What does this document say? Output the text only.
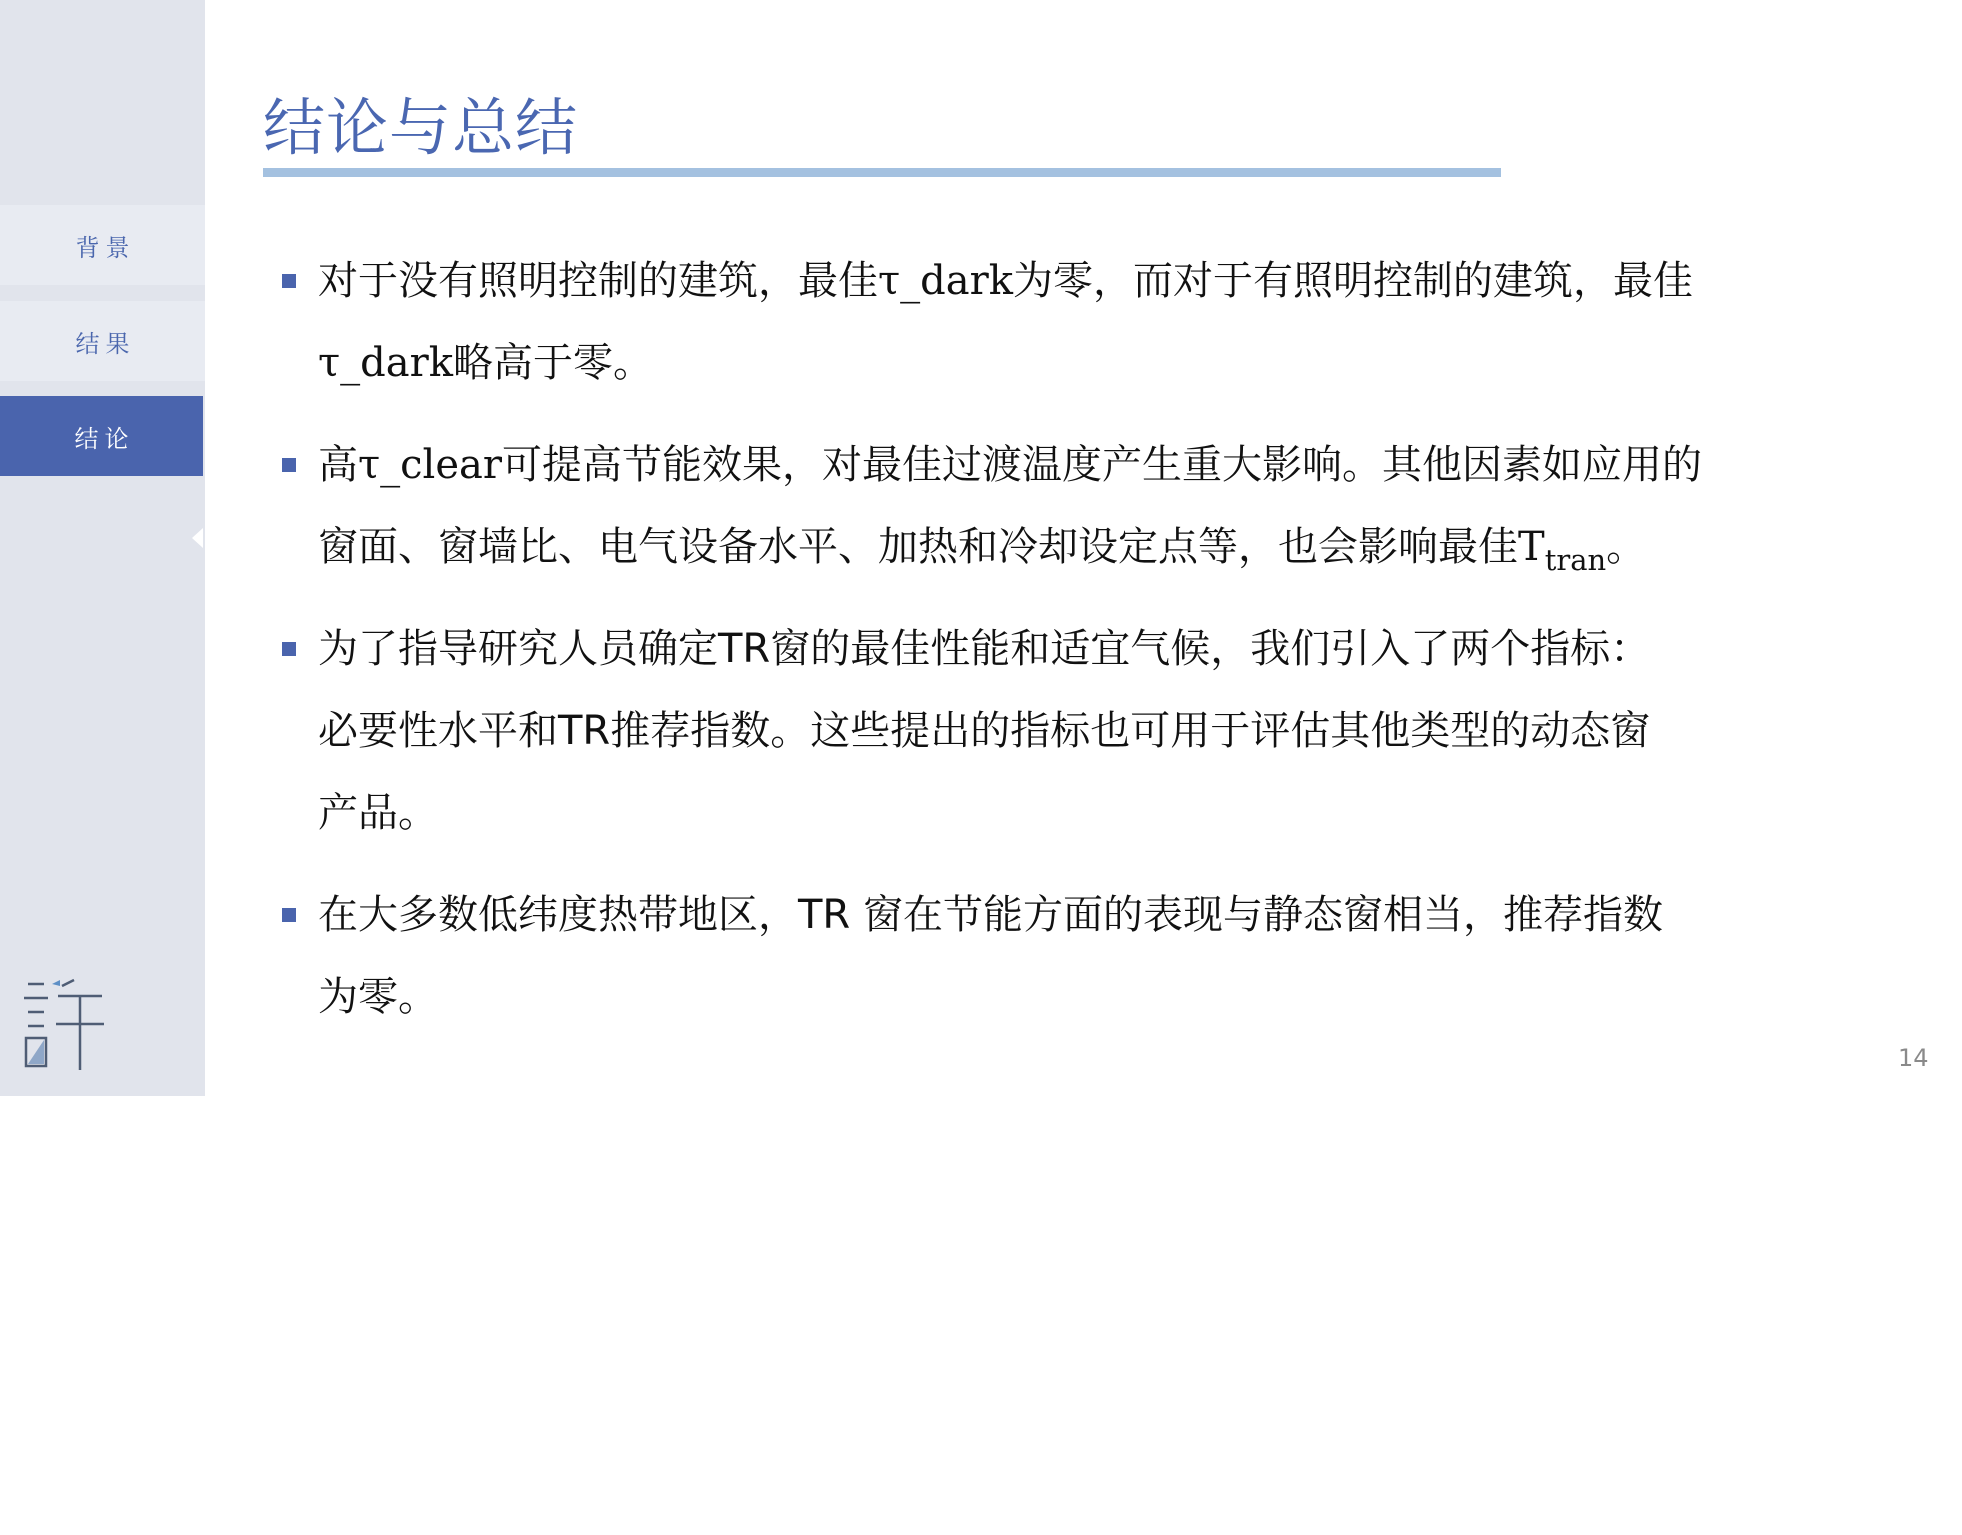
背景
结果
结论
结论与总结
对于没有照明控制的建筑，最佳τ_dark为零，而对于有照明控制的建筑，最佳
τ_dark略高于零。
高τ_clear可提高节能效果，对最佳过渡温度产生重大影响。其他因素如应用的
窗面、窗墙比、电气设备水平、加热和冷却设定点等，也会影响最佳$T_{tran}$。
为了指导研究人员确定TR窗的最佳性能和适宜气候，我们引入了两个指标：
必要性水平和TR推荐指数。这些提出的指标也可用于评估其他类型的动态窗
产品。
在大多数低纬度热带地区，TR 窗在节能方面的表现与静态窗相当，推荐指数
为零。
14
